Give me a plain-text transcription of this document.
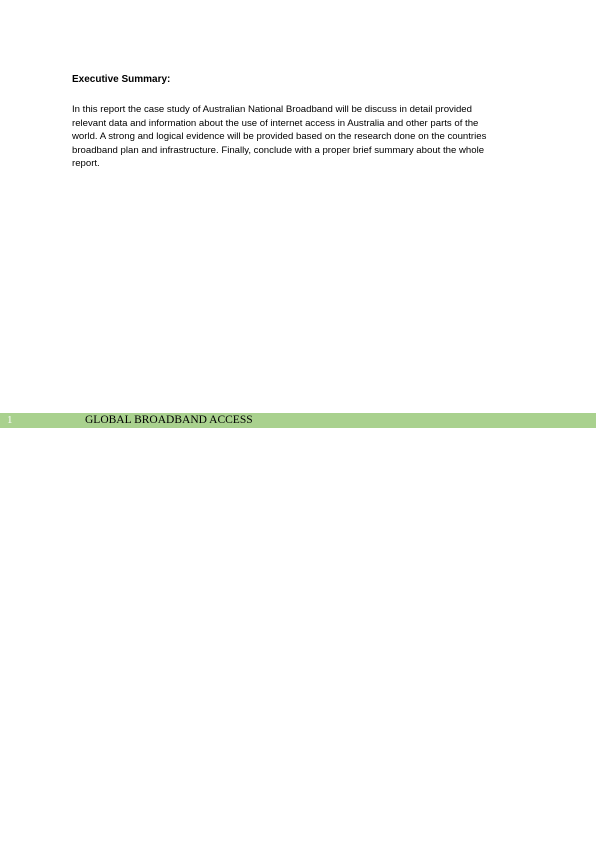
Executive Summary:

In this report the case study of Australian National Broadband will be discuss in detail provided
relevant data and information about the use of internet access in Australia and other parts of the
world. A strong and logical evidence will be provided based on the research done on the countries
broadband plan and infrastructure. Finally, conclude with a proper brief summary about the whole
report.

1	GLOBAL BROADBAND ACCESS
